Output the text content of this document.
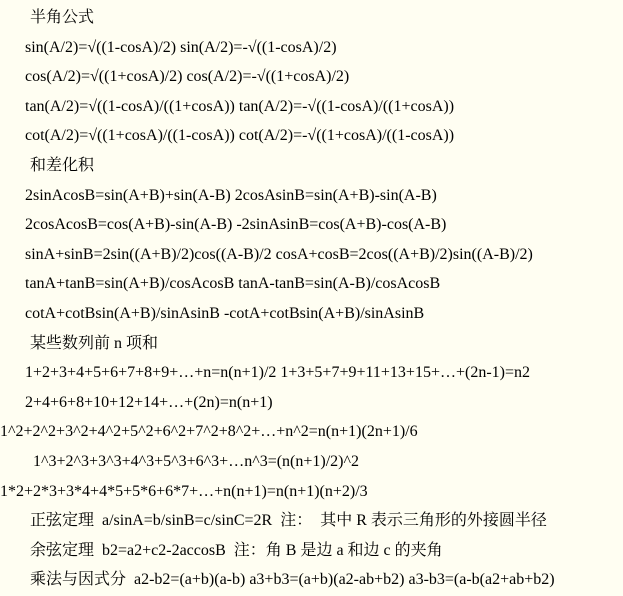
半角公式
sin(A/2)=√((1-cosA)/2) sin(A/2)=-√((1-cosA)/2)
cos(A/2)=√((1+cosA)/2) cos(A/2)=-√((1+cosA)/2)
tan(A/2)=√((1-cosA)/((1+cosA)) tan(A/2)=-√((1-cosA)/((1+cosA))
cot(A/2)=√((1+cosA)/((1-cosA)) cot(A/2)=-√((1+cosA)/((1-cosA))
和差化积
2sinAcosB=sin(A+B)+sin(A-B) 2cosAsinB=sin(A+B)-sin(A-B)
2cosAcosB=cos(A+B)-sin(A-B) -2sinAsinB=cos(A+B)-cos(A-B)
sinA+sinB=2sin((A+B)/2)cos((A-B)/2 cosA+cosB=2cos((A+B)/2)sin((A-B)/2)
tanA+tanB=sin(A+B)/cosAcosB tanA-tanB=sin(A-B)/cosAcosB
cotA+cotBsin(A+B)/sinAsinB -cotA+cotBsin(A+B)/sinAsinB
某些数列前 n 项和
1+2+3+4+5+6+7+8+9+…+n=n(n+1)/2 1+3+5+7+9+11+13+15+…+(2n-1)=n2
2+4+6+8+10+12+14+…+(2n)=n(n+1)
1^2+2^2+3^2+4^2+5^2+6^2+7^2+8^2+…+n^2=n(n+1)(2n+1)/6
1^3+2^3+3^3+4^3+5^3+6^3+…n^3=(n(n+1)/2)^2
1*2+2*3+3*4+4*5+5*6+6*7+…+n(n+1)=n(n+1)(n+2)/3
正弦定理  a/sinA=b/sinB=c/sinC=2R  注：  其中 R 表示三角形的外接圆半径
余弦定理  b2=a2+c2-2accosB  注：角 B 是边 a 和边 c 的夹角
乘法与因式分  a2-b2=(a+b)(a-b) a3+b3=(a+b)(a2-ab+b2) a3-b3=(a-b(a2+ab+b2)
